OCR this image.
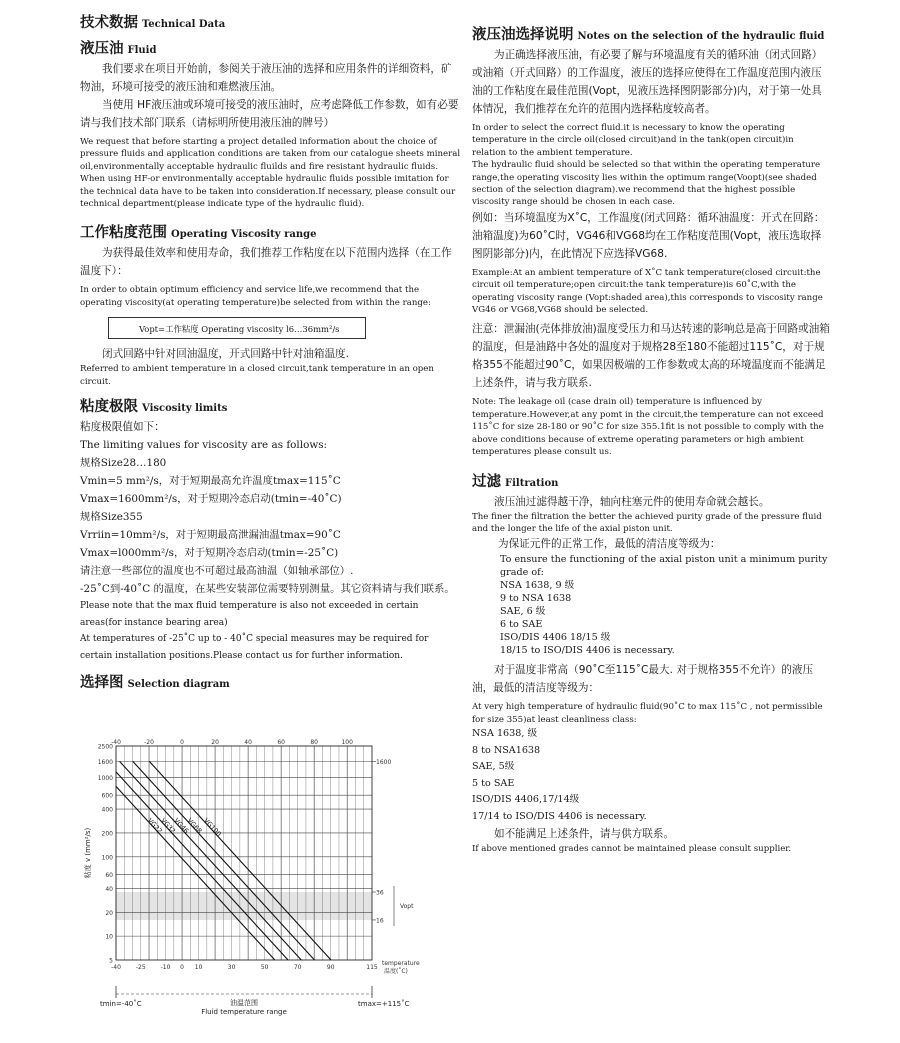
技术数据 Technical Data

液压油 Fluid

我们要求在项目开始前，参阅关于液压油的选择和应用条件的详细资料，矿物油，环境可接受的液压油和难燃液压油。

当使用 HF液压油或环境可接受的液压油时，应考虑降低工作参数，如有必要请与我们技术部门联系（请标明所使用液压油的牌号）

We request that before starting a project detailed information about the choice of pressure fluids and application conditions are taken from our catalogue sheets mineral oil,environmentally acceptable hydraulic fluilds and fire resistant hydraulic fluids. When using HF-or environmentally acceptable hydraulic fluids possible imitation for the technical data have to be taken into consideration.If necessary, please consult our technical department(please indicate type of the hydraulic fluid).

工作粘度范围 Operating Viscosity range

为获得最佳效率和使用寿命，我们推荐工作粘度在以下范围内选择（在工作温度下）：

In order to obtain optimum efficiency and service life,we recommend that the operating viscosity(at operating temperature)be selected from within the range:

Vopt=工作粘度 Operating viscosity l6…36mm²/s

闭式回路中针对回油温度，开式回路中针对油箱温度.

Referred to ambient temperature in a closed circuit,tank temperature in an open circuit.

粘度极限 Viscosity limits

粘度极限值如下：

The limiting values for viscosity are as follows:

规格Size28…180

Vmin=5 mm²/s，对于短期最高允许温度tmax=115˚C

Vmax=1600mm²/s，对于短期冷态启动(tmin=-40˚C)

规格Size355

Vrriin=10mm²/s，对于短期最高泄漏油温tmax=90˚C

Vmax=l000mm²/s，对于短期冷态启动(tmin=-25˚C)

请注意一些部位的温度也不可超过最高油温（如轴承部位）.

-25˚C到-40˚C 的温度，在某些安装部位需要特别测量。其它资料请与我们联系。

Please note that the max fluid temperature is also not exceeded in certain areas(for instance bearing area)

At temperatures of -25˚C up to - 40˚C special measures may be required for certain installation positions.Please contact us for further information.

选择图 Selection diagram

2500
1600
1000
600
400
200
100
60
40
20
10
5
-40	-20	0	20	40	60	80	100
-40 -25 -10 0 10	30	50	70	90	115
VG22
VG32
VG46
VG68
VG100
1600
36
16
Vopt
粘度 v (mm²/s)
temperature
温度(˚C)
tmin=-40˚C	tmax=+115˚C
油温范围
Fluid temperature range

液压油选择说明 Notes on the selection of the hydraulic fluid

为正确选择液压油，有必要了解与环境温度有关的循环油（闭式回路）或油箱（开式回路）的工作温度，液压的选择应使得在工作温度范围内液压油的工作粘度在最佳范围(Vopt，见液压选择图阴影部分)内，对于第一处具体情况，我们推荐在允许的范围内选择粘度较高者。

In order to select the correct fluid.it is necessary to know the operating temperature in the circle oil(closed circuit)and in the tank(open circuit)in relation to the ambient temperature.

The hydraulic fluid should be selected so that within the operating temperature range,the operating viscosity lies within the optimum range(Voopt)(see shaded section of the selection diagram).we recommend that the highest possible viscosity range should be chosen in each case.

例如：当环境温度为X˚C，工作温度(闭式回路：循环油温度：开式在回路：油箱温度)为60˚C时，VG46和VG68均在工作粘度范围(Vopt，液压选取择图阴影部分)内，在此情况下应选择VG68.

Example:At an ambient temperature of X˚C tank temperature(closed circuit:the circuit oil temperature;open circuit:the tank temperature)is 60˚C,with the operating viscosity range (Vopt:shaded area),this corresponds to viscosity range VG46 or VG68,VG68 should be selected.

注意：泄漏油(壳体排放油)温度受压力和马达转速的影响总是高于回路或油箱的温度，但是油路中各处的温度对于规格28至180不能超过115˚C，对于规格355不能超过90˚C，如果因极端的工作参数或太高的环境温度而不能满足上述条件，请与我方联系.

Note: The leakage oil (case drain oil) temperature is influenced by temperature.However,at any pomt in the circuit,the temperature can not exceed 115˚C for size 28-180 or 90˚C for size 355.1fit is not possible to comply with the above conditions because of extreme operating parameters or high ambient temperatures please consult us.

过滤 Filtration

液压油过滤得越干净，轴向柱塞元件的使用寿命就会越长。

The finer the filtration the better the achieved purity grade of the pressure fluid and the longer the life of the axial piston unit.

为保证元件的正常工作，最低的清洁度等级为：

To ensure the functioning of the axial piston unit a minimum purity grade of:

NSA 1638, 9 级

9 to NSA 1638

SAE, 6 级

6 to SAE

ISO/DIS 4406 18/15 级

18/15 to ISO/DIS 4406 is necessary.

对于温度非常高（90˚C至115˚C最大. 对于规格355不允许）的液压油，最低的清洁度等级为：

At very high temperature of hydraulic fluid(90˚C to max 115˚C , not permissible for size 355)at least cleanliness class:

NSA 1638, 级

8 to NSA1638

SAE, 5级

5 to SAE

ISO/DIS 4406,17/14级

17/14 to ISO/DIS 4406 is necessary.

如不能满足上述条件，请与供方联系。

If above mentioned grades cannot be maintained please consult supplier.
